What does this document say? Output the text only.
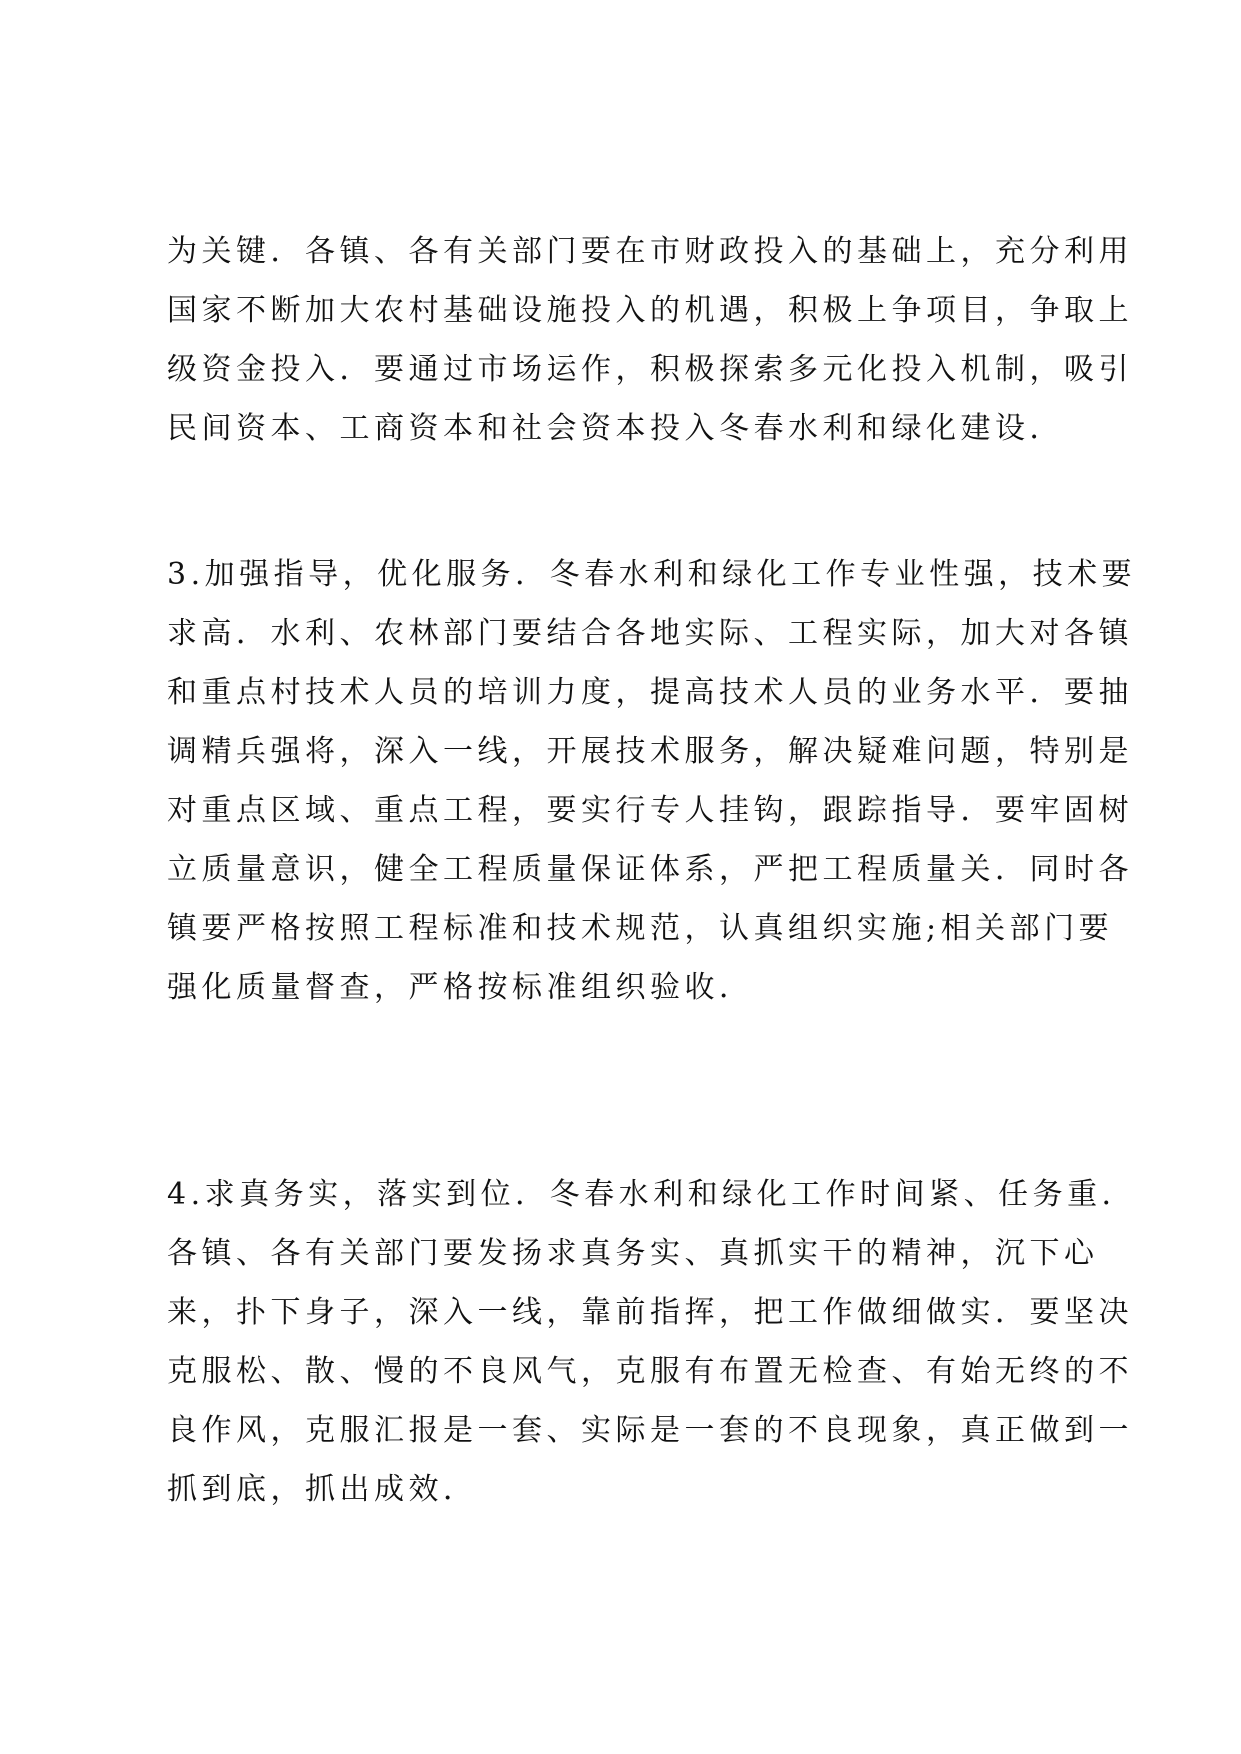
为关键．各镇、各有关部门要在市财政投入的基础上，充分利用
国家不断加大农村基础设施投入的机遇，积极上争项目，争取上
级资金投入．要通过市场运作，积极探索多元化投入机制，吸引
民间资本、工商资本和社会资本投入冬春水利和绿化建设．
3.加强指导，优化服务．冬春水利和绿化工作专业性强，技术要
求高．水利、农林部门要结合各地实际、工程实际，加大对各镇
和重点村技术人员的培训力度，提高技术人员的业务水平．要抽
调精兵强将，深入一线，开展技术服务，解决疑难问题，特别是
对重点区域、重点工程，要实行专人挂钩，跟踪指导．要牢固树
立质量意识，健全工程质量保证体系，严把工程质量关．同时各
镇要严格按照工程标准和技术规范，认真组织实施;相关部门要
强化质量督查，严格按标准组织验收．
4.求真务实，落实到位．冬春水利和绿化工作时间紧、任务重．
各镇、各有关部门要发扬求真务实、真抓实干的精神，沉下心
来，扑下身子，深入一线，靠前指挥，把工作做细做实．要坚决
克服松、散、慢的不良风气，克服有布置无检查、有始无终的不
良作风，克服汇报是一套、实际是一套的不良现象，真正做到一
抓到底，抓出成效．
